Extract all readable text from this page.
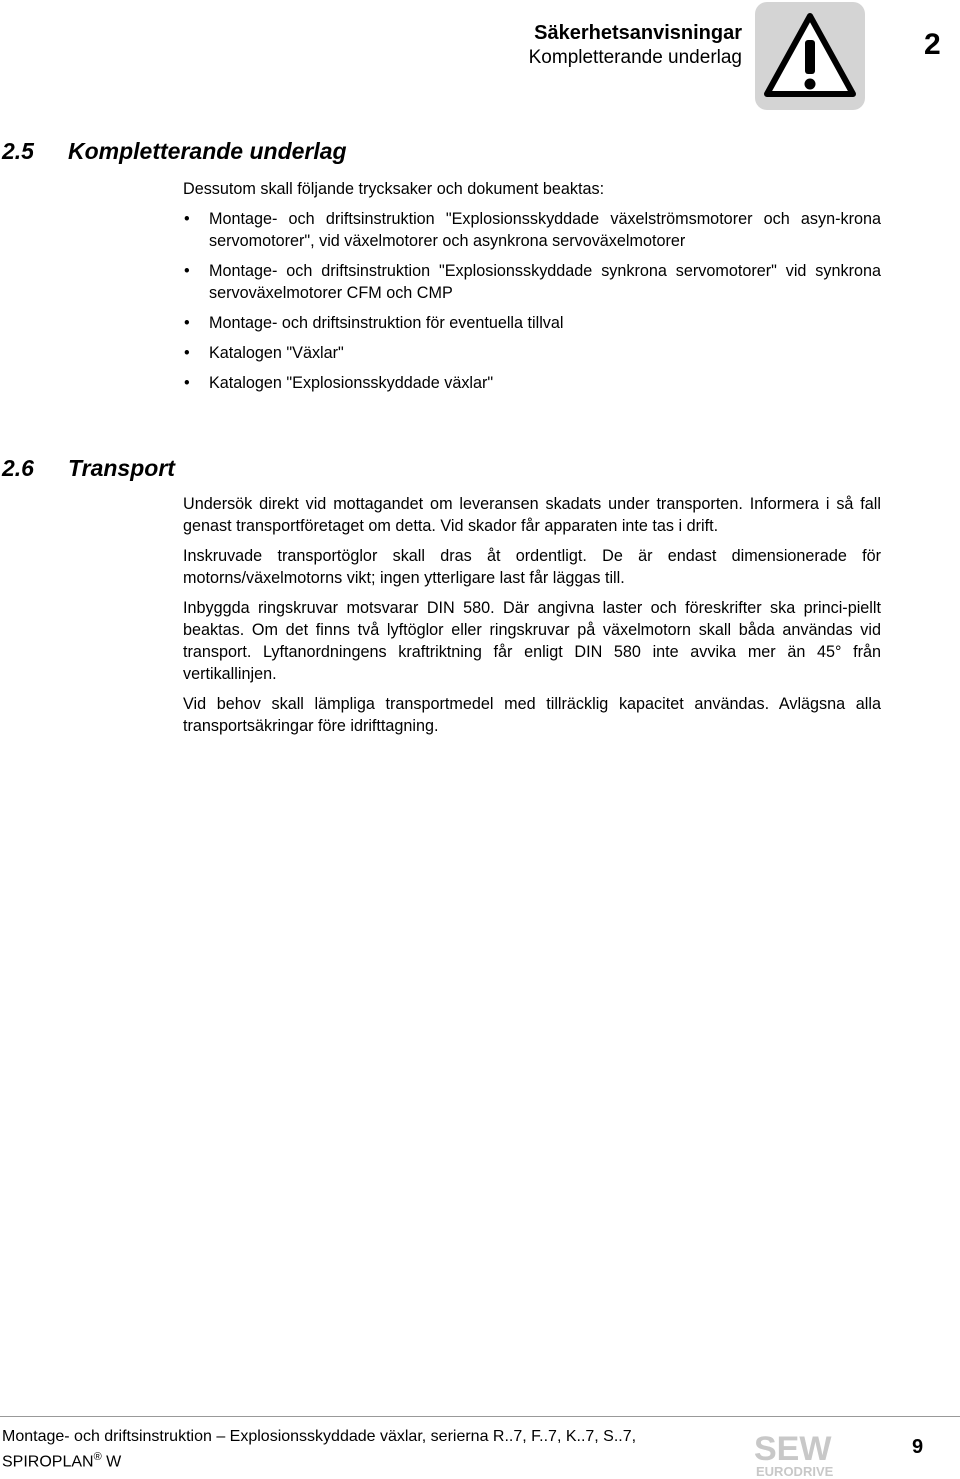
Säkerhetsanvisningar
Kompletterande underlag	2
2.5 Kompletterande underlag
Dessutom skall följande trycksaker och dokument beaktas:
• Montage- och driftsinstruktion "Explosionsskyddade växelströmsmotorer och asyn-krona servomotorer", vid växelmotorer och asynkrona servoväxelmotorer
• Montage- och driftsinstruktion "Explosionsskyddade synkrona servomotorer" vid synkrona servoväxelmotorer CFM och CMP
• Montage- och driftsinstruktion för eventuella tillval
• Katalogen "Växlar"
• Katalogen "Explosionsskyddade växlar"
2.6 Transport

Undersök direkt vid mottagandet om leveransen skadats under transporten. Informera i så fall genast transportföretaget om detta. Vid skador får apparaten inte tas i drift.

Inskruvade transportöglor skall dras åt ordentligt. De är endast dimensionerade för motorns/växelmotorns vikt; ingen ytterligare last får läggas till.

Inbyggda ringskruvar motsvarar DIN 580. Där angivna laster och föreskrifter ska princi-piellt beaktas. Om det finns två lyftöglor eller ringskruvar på växelmotorn skall båda användas vid transport. Lyftanordningens kraftriktning får enligt DIN 580 inte avvika mer än 45° från vertikallinjen.

Vid behov skall lämpliga transportmedel med tillräcklig kapacitet användas. Avlägsna alla transportsäkringar före idrifttagning.

Montage- och driftsinstruktion – Explosionsskyddade växlar, serierna R..7, F..7, K..7, S..7,
SPIROPLAN® W	SEW
EURODRIVE
9
